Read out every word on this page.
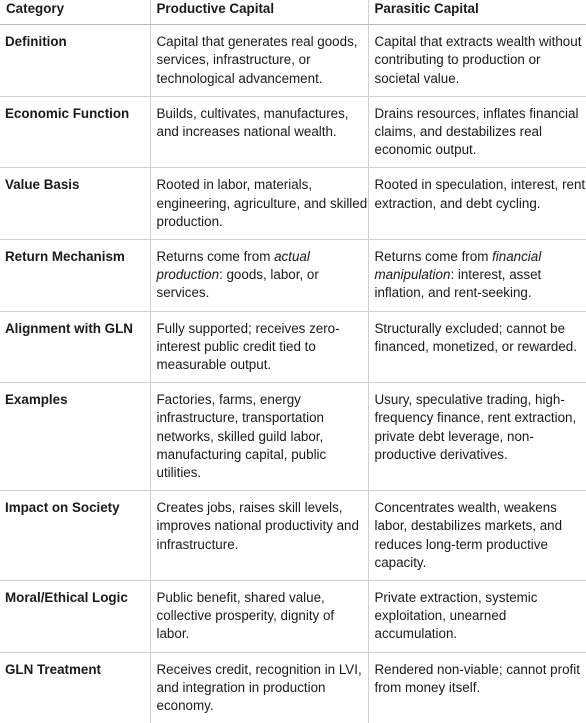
Category	Productive Capital	Parasitic Capital
Definition	Capital that generates real goods, services, infrastructure, or technological advancement.	Capital that extracts wealth without contributing to production or societal value.
Economic Function	Builds, cultivates, manufactures, and increases national wealth.	Drains resources, inflates financial claims, and destabilizes real economic output.
Value Basis	Rooted in labor, materials, engineering, agriculture, and skilled production.	Rooted in speculation, interest, rent extraction, and debt cycling.
Return Mechanism	Returns come from actual production: goods, labor, or services.	Returns come from financial manipulation: interest, asset inflation, and rent-seeking.
Alignment with GLN	Fully supported; receives zero-interest public credit tied to measurable output.	Structurally excluded; cannot be financed, monetized, or rewarded.
Examples	Factories, farms, energy infrastructure, transportation networks, skilled guild labor, manufacturing capital, public utilities.	Usury, speculative trading, high-frequency finance, rent extraction, private debt leverage, non-productive derivatives.
Impact on Society	Creates jobs, raises skill levels, improves national productivity and infrastructure.	Concentrates wealth, weakens labor, destabilizes markets, and reduces long-term productive capacity.
Moral/Ethical Logic	Public benefit, shared value, collective prosperity, dignity of labor.	Private extraction, systemic exploitation, unearned accumulation.
GLN Treatment	Receives credit, recognition in LVI, and integration in production economy.	Rendered non-viable; cannot profit from money itself.
